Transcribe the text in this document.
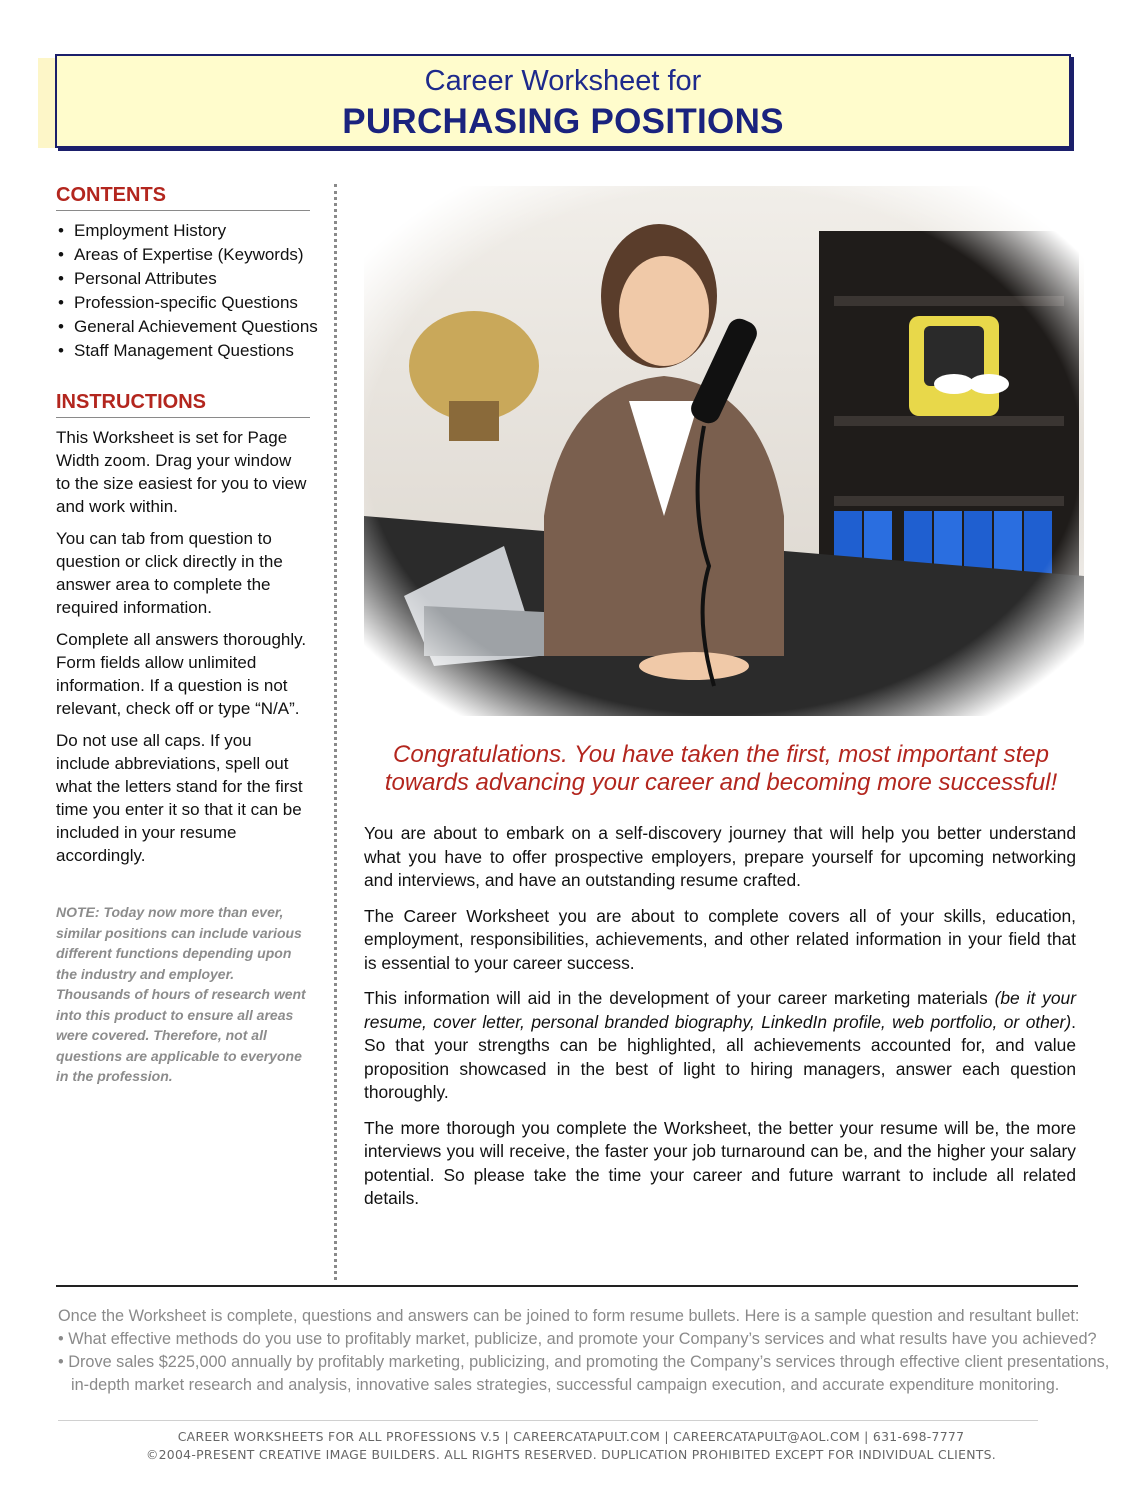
Career Worksheet for
PURCHASING POSITIONS
CONTENTS
• Employment History
• Areas of Expertise (Keywords)
• Personal Attributes
• Profession-specific Questions
• General Achievement Questions
• Staff Management Questions
INSTRUCTIONS

This Worksheet is set for Page Width zoom. Drag your window to the size easiest for you to view and work within.

You can tab from question to question or click directly in the answer area to complete the required information.

Complete all answers thoroughly. Form fields allow unlimited information. If a question is not relevant, check off or type “N/A”.

Do not use all caps. If you include abbreviations, spell out what the letters stand for the first time you enter it so that it can be included in your resume accordingly.

NOTE: Today now more than ever, similar positions can include various different functions depending upon the industry and employer. Thousands of hours of research went into this product to ensure all areas were covered. Therefore, not all questions are applicable to everyone in the profession.
Congratulations. You have taken the first, most important step
towards advancing your career and becoming more successful!

You are about to embark on a self-discovery journey that will help you better understand what you have to offer prospective employers, prepare yourself for upcoming networking and interviews, and have an outstanding resume crafted.

The Career Worksheet you are about to complete covers all of your skills, education, employment, responsibilities, achievements, and other related information in your field that is essential to your career success.

This information will aid in the development of your career marketing materials (be it your resume, cover letter, personal branded biography, LinkedIn profile, web portfolio, or other). So that your strengths can be highlighted, all achievements accounted for, and value proposition showcased in the best of light to hiring managers, answer each question thoroughly.

The more thorough you complete the Worksheet, the better your resume will be, the more interviews you will receive, the faster your job turnaround can be, and the higher your salary potential. So please take the time your career and future warrant to include all related details.

Once the Worksheet is complete, questions and answers can be joined to form resume bullets. Here is a sample question and resultant bullet:
• What effective methods do you use to profitably market, publicize, and promote your Company’s services and what results have you achieved?
• Drove sales $225,000 annually by profitably marketing, publicizing, and promoting the Company’s services through effective client presentations,
in-depth market research and analysis, innovative sales strategies, successful campaign execution, and accurate expenditure monitoring.
CAREER WORKSHEETS FOR ALL PROFESSIONS V.5 | CAREERCATAPULT.COM | CAREERCATAPULT@AOL.COM | 631-698-7777
©2004-PRESENT CREATIVE IMAGE BUILDERS. ALL RIGHTS RESERVED. DUPLICATION PROHIBITED EXCEPT FOR INDIVIDUAL CLIENTS.
